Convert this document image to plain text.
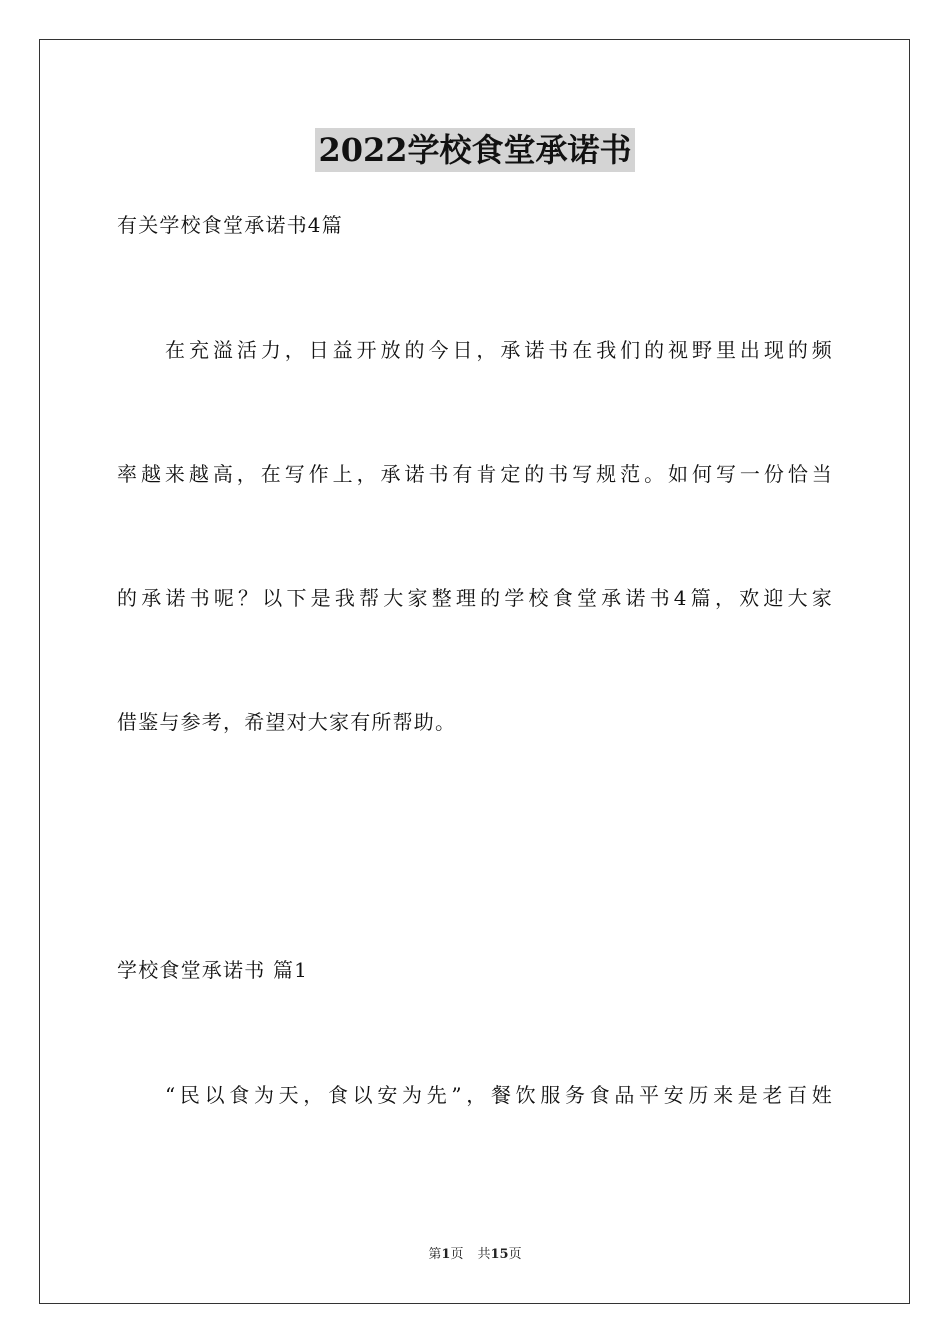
2022学校食堂承诺书
有关学校食堂承诺书4篇
在充溢活力，日益开放的今日，承诺书在我们的视野里出现的频
率越来越高，在写作上，承诺书有肯定的书写规范。如何写一份恰当
的承诺书呢？以下是我帮大家整理的学校食堂承诺书4篇，欢迎大家
借鉴与参考，希望对大家有所帮助。
学校食堂承诺书 篇1
“民以食为天，食以安为先”，餐饮服务食品平安历来是老百姓
第1页 共15页
